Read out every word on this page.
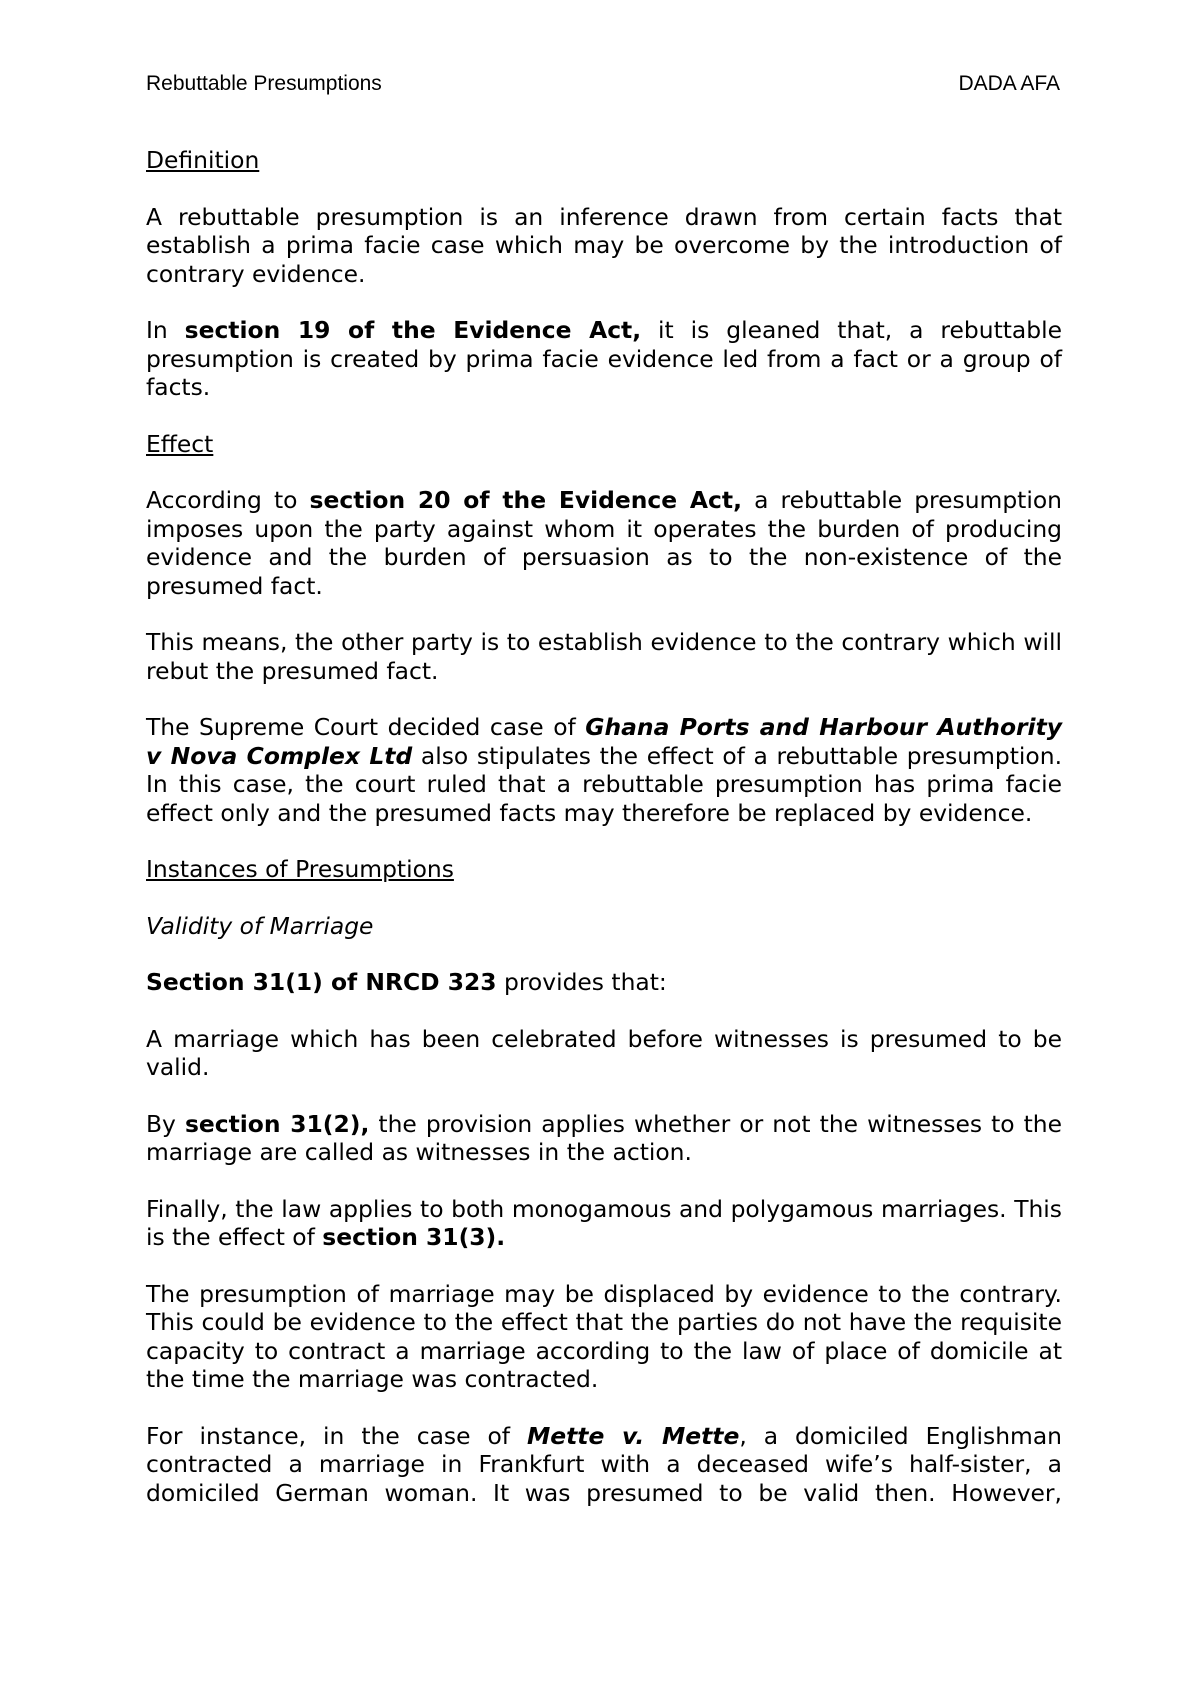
Rebuttable Presumptions	DADA AFA

Definition

A rebuttable presumption is an inference drawn from certain facts that establish a prima facie case which may be overcome by the introduction of contrary evidence.

In section 19 of the Evidence Act, it is gleaned that, a rebuttable presumption is created by prima facie evidence led from a fact or a group of facts.

Effect

According to section 20 of the Evidence Act, a rebuttable presumption imposes upon the party against whom it operates the burden of producing evidence and the burden of persuasion as to the non-existence of the presumed fact.

This means, the other party is to establish evidence to the contrary which will rebut the presumed fact.

The Supreme Court decided case of Ghana Ports and Harbour Authority v Nova Complex Ltd also stipulates the effect of a rebuttable presumption. In this case, the court ruled that a rebuttable presumption has prima facie effect only and the presumed facts may therefore be replaced by evidence.

Instances of Presumptions

Validity of Marriage

Section 31(1) of NRCD 323 provides that:

A marriage which has been celebrated before witnesses is presumed to be valid.

By section 31(2), the provision applies whether or not the witnesses to the marriage are called as witnesses in the action.

Finally, the law applies to both monogamous and polygamous marriages. This is the effect of section 31(3).

The presumption of marriage may be displaced by evidence to the contrary. This could be evidence to the effect that the parties do not have the requisite capacity to contract a marriage according to the law of place of domicile at the time the marriage was contracted.

For instance, in the case of Mette v. Mette, a domiciled Englishman contracted a marriage in Frankfurt with a deceased wife’s half-sister, a domiciled German woman. It was presumed to be valid then. However,
